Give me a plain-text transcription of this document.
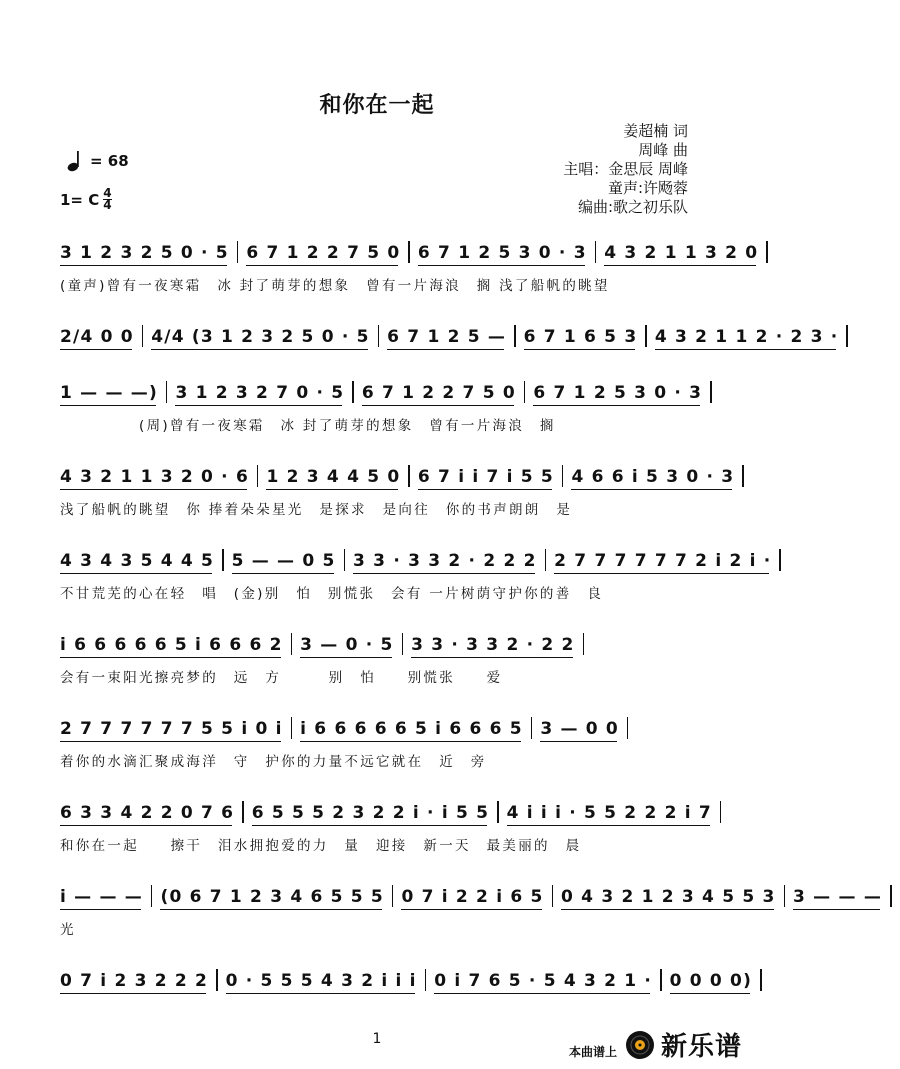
和你在一起
姜超楠 词
周峰 曲
主唱：金思辰 周峰
童声:许飏蓉
编曲:歌之初乐队
= 68
1= C $\frac{4}{4}$
3 1 2 3 2 5 0 · 5 6 7 1 2 2 7 5 0 6 7 1 2 5 3 0 · 3 4 3 2 1 1 3 2 0
(童声)曾有一夜寒霜　冰 封了萌芽的想象　曾有一片海浪　搁 浅了船帆的眺望
2/4 0 0 4/4 (3 1 2 3 2 5 0 · 5 6 7 1 2 5 — 6 7 1 6 5 3 4 3 2 1 1 2 · 2 3 ·
1 — — —) 3 1 2 3 2 7 0 · 5 6 7 1 2 2 7 5 0 6 7 1 2 5 3 0 · 3
　　　　　(周)曾有一夜寒霜　冰 封了萌芽的想象　曾有一片海浪　搁
4 3 2 1 1 3 2 0 · 6 1 2 3 4 4 5 0 6 7 i i 7 i 5 5 4 6 6 i 5 3 0 · 3
浅了船帆的眺望　你 捧着朵朵星光　是探求　是向往　你的书声朗朗　是
4 3 4 3 5 4 4 5 5 — — 0 5 3 3 · 3 3 2 · 2 2 2 2 7 7 7 7 7 7 2 i 2 i ·
不甘荒芜的心在轻　唱　(金)别　怕　别慌张　会有 一片树荫守护你的善　良
i 6 6 6 6 6 5 i 6 6 6 2 3 — 0 · 5 3 3 · 3 3 2 · 2 2
会有一束阳光擦亮梦的　远　方　　　别　怕　　别慌张　　爱
2 7 7 7 7 7 7 5 5 i 0 i i 6 6 6 6 6 5 i 6 6 6 5 3 — 0 0
着你的水滴汇聚成海洋　守　护你的力量不远它就在　近　旁
6 3 3 4 2 2 0 7 6 6 5 5 5 2 3 2 2 i · i 5 5 4 i i i · 5 5 2 2 2 i 7
和你在一起　　擦干　泪水拥抱爱的力　量　迎接　新一天　最美丽的　晨
i — — — (0 6 7 1 2 3 4 6 5 5 5 0 7 i 2 2 i 6 5 0 4 3 2 1 2 3 4 5 5 3 3 — — —
光
0 7 i 2 3 2 2 2 0 · 5 5 5 4 3 2 i i i 0 i 7 6 5 · 5 4 3 2 1 · 0 0 0 0)
1
本曲谱上 新乐谱
